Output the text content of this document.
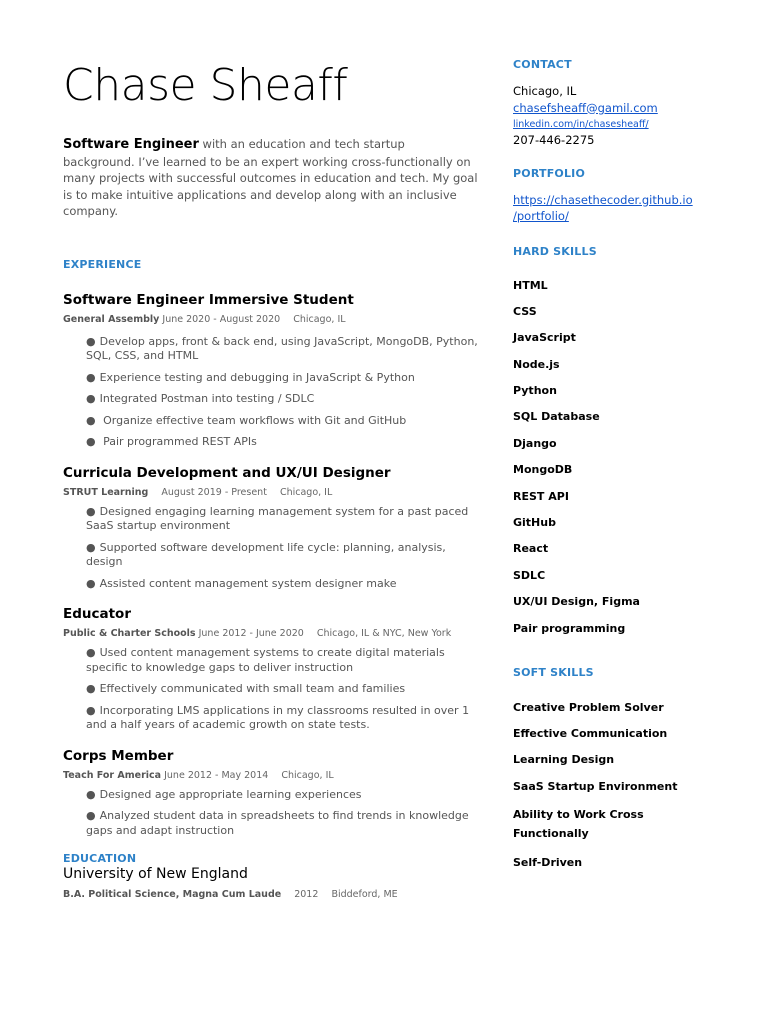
Chase Sheaff
Software Engineer with an education and tech startup background. I’ve learned to be an expert working cross-functionally on many projects with successful outcomes in education and tech. My goal is to make intuitive applications and develop along with an inclusive company.
EXPERIENCE
Software Engineer Immersive Student
General Assembly June 2020 - August 2020 Chicago, IL
● Develop apps, front & back end, using JavaScript, MongoDB, Python, SQL, CSS, and HTML
● Experience testing and debugging in JavaScript & Python
● Integrated Postman into testing / SDLC
● Organize effective team workflows with Git and GitHub
● Pair programmed REST APIs
Curricula Development and UX/UI Designer
STRUT Learning August 2019 - Present Chicago, IL
● Designed engaging learning management system for a past paced SaaS startup environment
● Supported software development life cycle: planning, analysis, design
● Assisted content management system designer make
Educator
Public & Charter Schools June 2012 - June 2020 Chicago, IL & NYC, New York
● Used content management systems to create digital materials specific to knowledge gaps to deliver instruction
● Effectively communicated with small team and families
● Incorporating LMS applications in my classrooms resulted in over 1 and a half years of academic growth on state tests.
Corps Member
Teach For America June 2012 - May 2014 Chicago, IL
● Designed age appropriate learning experiences
● Analyzed student data in spreadsheets to find trends in knowledge gaps and adapt instruction
EDUCATION
University of New England
B.A. Political Science, Magna Cum Laude 2012 Biddeford, ME
CONTACT
Chicago, IL
chasefsheaff@gamil.com
linkedin.com/in/chasesheaff/
207-446-2275
PORTFOLIO
https://chasethecoder.github.io
/portfolio/
HARD SKILLS
HTML
CSS
JavaScript
Node.js
Python
SQL Database
Django
MongoDB
REST API
GitHub
React
SDLC
UX/UI Design, Figma
Pair programming
SOFT SKILLS
Creative Problem Solver
Effective Communication
Learning Design
SaaS Startup Environment
Ability to Work Cross Functionally
Self-Driven
